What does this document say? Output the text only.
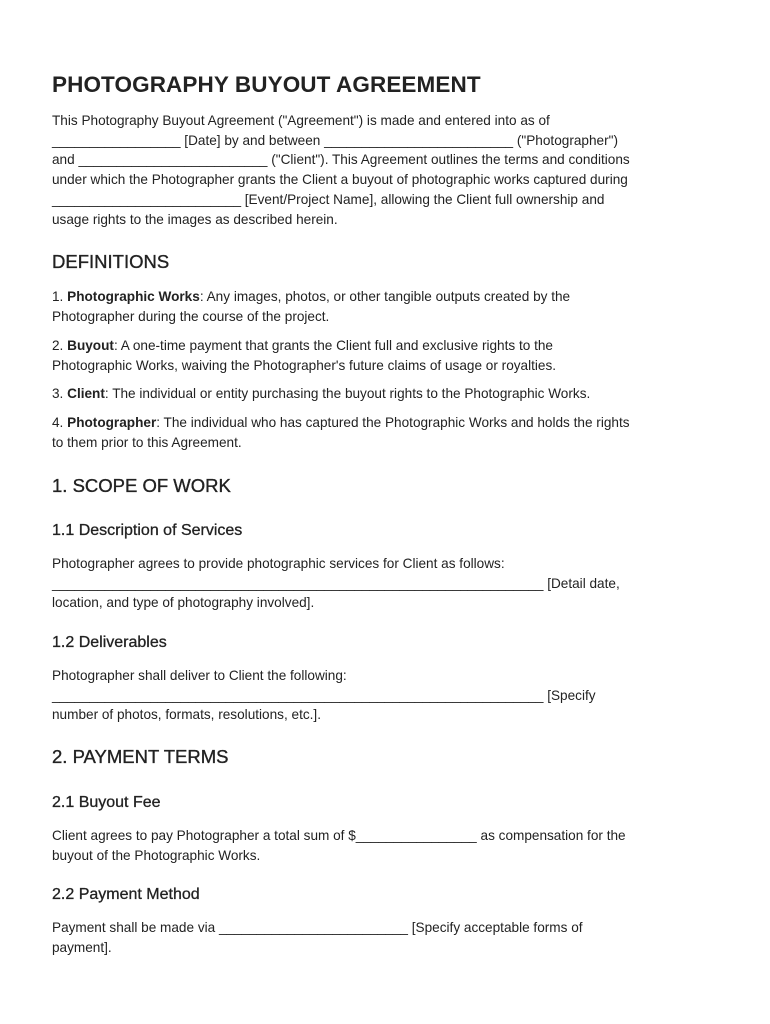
PHOTOGRAPHY BUYOUT AGREEMENT
This Photography Buyout Agreement ("Agreement") is made and entered into as of
_________________ [Date] by and between _________________________ ("Photographer")
and _________________________ ("Client"). This Agreement outlines the terms and conditions
under which the Photographer grants the Client a buyout of photographic works captured during
_________________________ [Event/Project Name], allowing the Client full ownership and
usage rights to the images as described herein.
DEFINITIONS
1. Photographic Works: Any images, photos, or other tangible outputs created by the
Photographer during the course of the project.
2. Buyout: A one-time payment that grants the Client full and exclusive rights to the
Photographic Works, waiving the Photographer's future claims of usage or royalties.
3. Client: The individual or entity purchasing the buyout rights to the Photographic Works.
4. Photographer: The individual who has captured the Photographic Works and holds the rights
to them prior to this Agreement.
1. SCOPE OF WORK
1.1 Description of Services
Photographer agrees to provide photographic services for Client as follows:
_________________________________________________________________ [Detail date,
location, and type of photography involved].
1.2 Deliverables
Photographer shall deliver to Client the following:
_________________________________________________________________ [Specify
number of photos, formats, resolutions, etc.].
2. PAYMENT TERMS
2.1 Buyout Fee
Client agrees to pay Photographer a total sum of $________________ as compensation for the
buyout of the Photographic Works.
2.2 Payment Method
Payment shall be made via _________________________ [Specify acceptable forms of
payment].
